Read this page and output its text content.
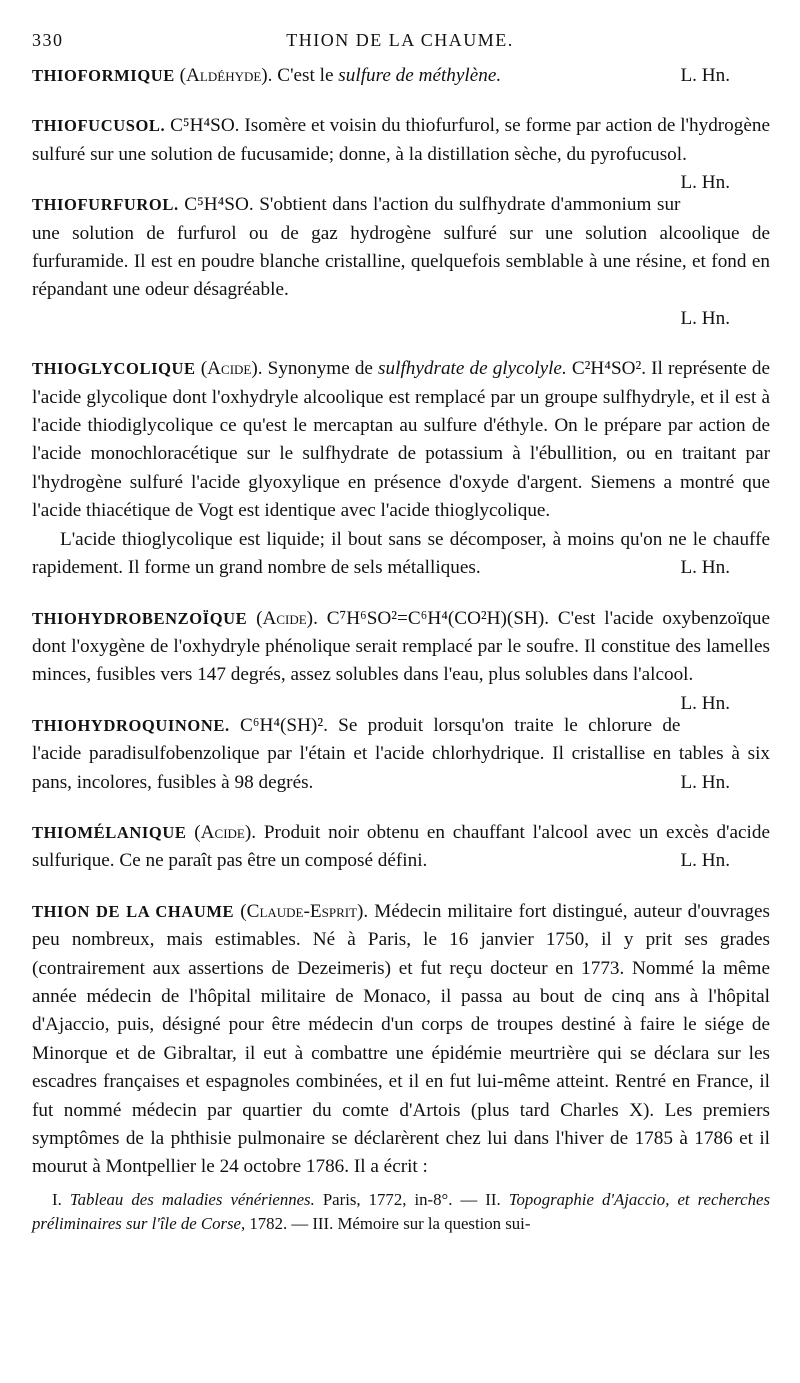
330	THION DE LA CHAUME.

THIOFORMIQUE (Aldéhyde). C'est le sulfure de méthylène.	L. Hn.

THIOFUCUSOL. C⁵H⁴SO. Isomère et voisin du thiofurfurol, se forme par action de l'hydrogène sulfuré sur une solution de fucusamide; donne, à la distillation sèche, du pyrofucusol.
L. Hn.

THIOFURFUROL. C⁵H⁴SO. S'obtient dans l'action du sulfhydrate d'ammonium sur une solution de furfurol ou de gaz hydrogène sulfuré sur une solution alcoolique de furfuramide. Il est en poudre blanche cristalline, quelquefois semblable à une résine, et fond en répandant une odeur désagréable.

L. Hn.

THIOGLYCOLIQUE (Acide). Synonyme de sulfhydrate de glycolyle. C²H⁴SO². Il représente de l'acide glycolique dont l'oxhydryle alcoolique est remplacé par un groupe sulfhydryle, et il est à l'acide thiodiglycolique ce qu'est le mercaptan au sulfure d'éthyle. On le prépare par action de l'acide monochloracétique sur le sulfhydrate de potassium à l'ébullition, ou en traitant par l'hydrogène sulfuré l'acide glyoxylique en présence d'oxyde d'argent. Siemens a montré que l'acide thiacétique de Vogt est identique avec l'acide thioglycolique.

L'acide thioglycolique est liquide; il bout sans se décomposer, à moins qu'on ne le chauffe rapidement. Il forme un grand nombre de sels métalliques.	L. Hn.

THIOHYDROBENZOÏQUE (Acide). C⁷H⁶SO²=C⁶H⁴(CO²H)(SH). C'est l'acide oxybenzoïque dont l'oxygène de l'oxhydryle phénolique serait remplacé par le soufre. Il constitue des lamelles minces, fusibles vers 147 degrés, assez solubles dans l'eau, plus solubles dans l'alcool.
L. Hn.

THIOHYDROQUINONE. C⁶H⁴(SH)². Se produit lorsqu'on traite le chlorure de l'acide paradisulfobenzolique par l'étain et l'acide chlorhydrique. Il cristallise en tables à six pans, incolores, fusibles à 98 degrés.	L. Hn.

THIOMÉLANIQUE (Acide). Produit noir obtenu en chauffant l'alcool avec un excès d'acide sulfurique. Ce ne paraît pas être un composé défini.	L. Hn.

THION DE LA CHAUME (Claude-Esprit). Médecin militaire fort distingué, auteur d'ouvrages peu nombreux, mais estimables. Né à Paris, le 16 janvier 1750, il y prit ses grades (contrairement aux assertions de Dezeimeris) et fut reçu docteur en 1773. Nommé la même année médecin de l'hôpital militaire de Monaco, il passa au bout de cinq ans à l'hôpital d'Ajaccio, puis, désigné pour être médecin d'un corps de troupes destiné à faire le siége de Minorque et de Gibraltar, il eut à combattre une épidémie meurtrière qui se déclara sur les escadres françaises et espagnoles combinées, et il en fut lui-même atteint. Rentré en France, il fut nommé médecin par quartier du comte d'Artois (plus tard Charles X). Les premiers symptômes de la phthisie pulmonaire se déclarèrent chez lui dans l'hiver de 1785 à 1786 et il mourut à Montpellier le 24 octobre 1786. Il a écrit :

I. Tableau des maladies vénériennes. Paris, 1772, in-8°. — II. Topographie d'Ajaccio, et recherches préliminaires sur l'île de Corse, 1782. — III. Mémoire sur la question sui-
